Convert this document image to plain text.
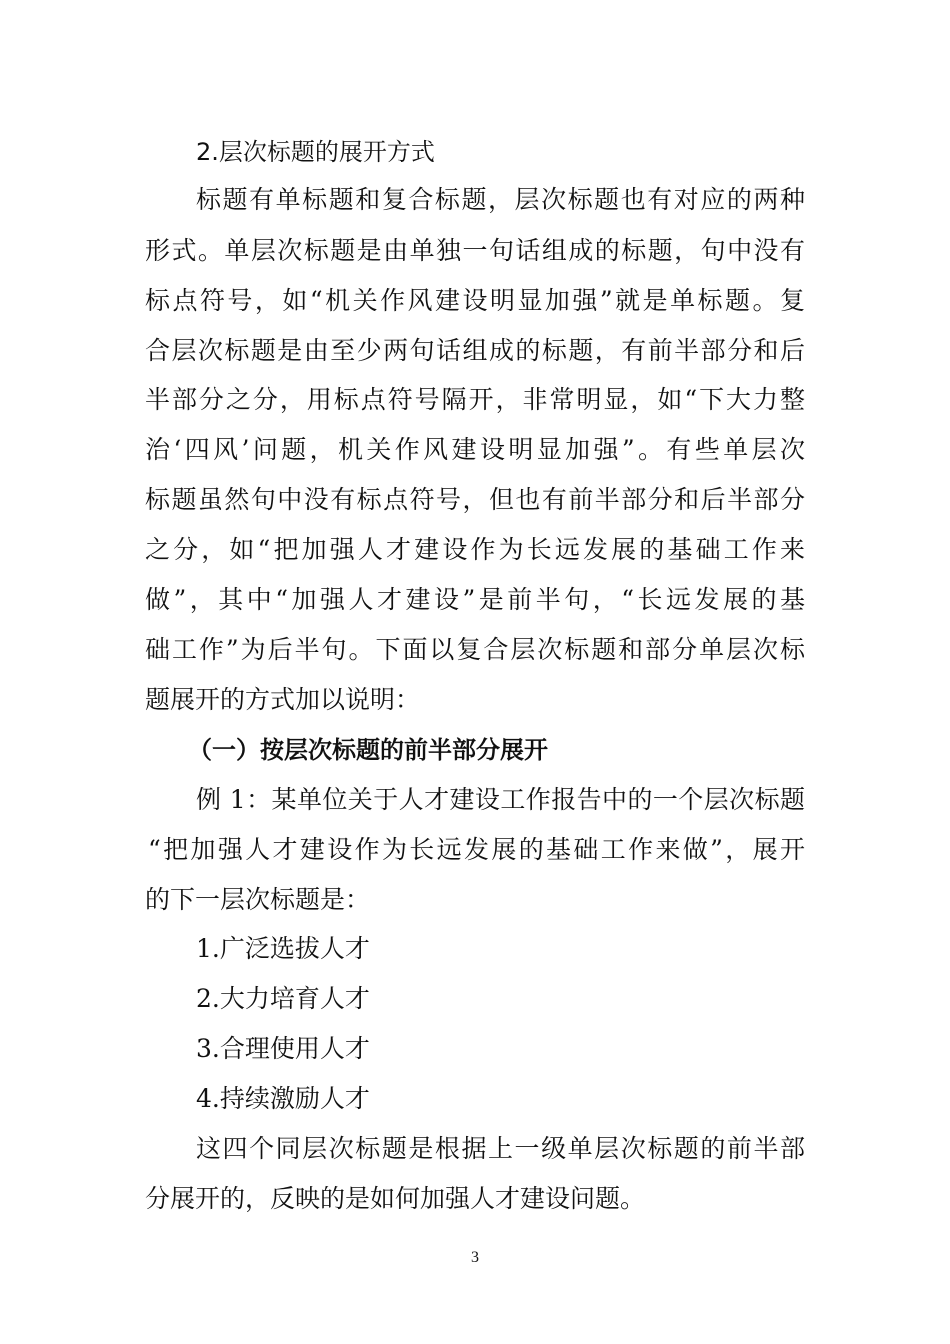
2.层次标题的展开方式
标题有单标题和复合标题，层次标题也有对应的两种
形式。单层次标题是由单独一句话组成的标题，句中没有
标点符号，如“机关作风建设明显加强”就是单标题。复
合层次标题是由至少两句话组成的标题，有前半部分和后
半部分之分，用标点符号隔开，非常明显，如“下大力整
治‘四风’问题，机关作风建设明显加强”。有些单层次
标题虽然句中没有标点符号，但也有前半部分和后半部分
之分，如“把加强人才建设作为长远发展的基础工作来
做”，其中“加强人才建设”是前半句，“长远发展的基
础工作”为后半句。下面以复合层次标题和部分单层次标
题展开的方式加以说明：
（一）按层次标题的前半部分展开
例 1：某单位关于人才建设工作报告中的一个层次标题
“把加强人才建设作为长远发展的基础工作来做”，展开
的下一层次标题是：
1.广泛选拔人才
2.大力培育人才
3.合理使用人才
4.持续激励人才
这四个同层次标题是根据上一级单层次标题的前半部
分展开的，反映的是如何加强人才建设问题。
3
